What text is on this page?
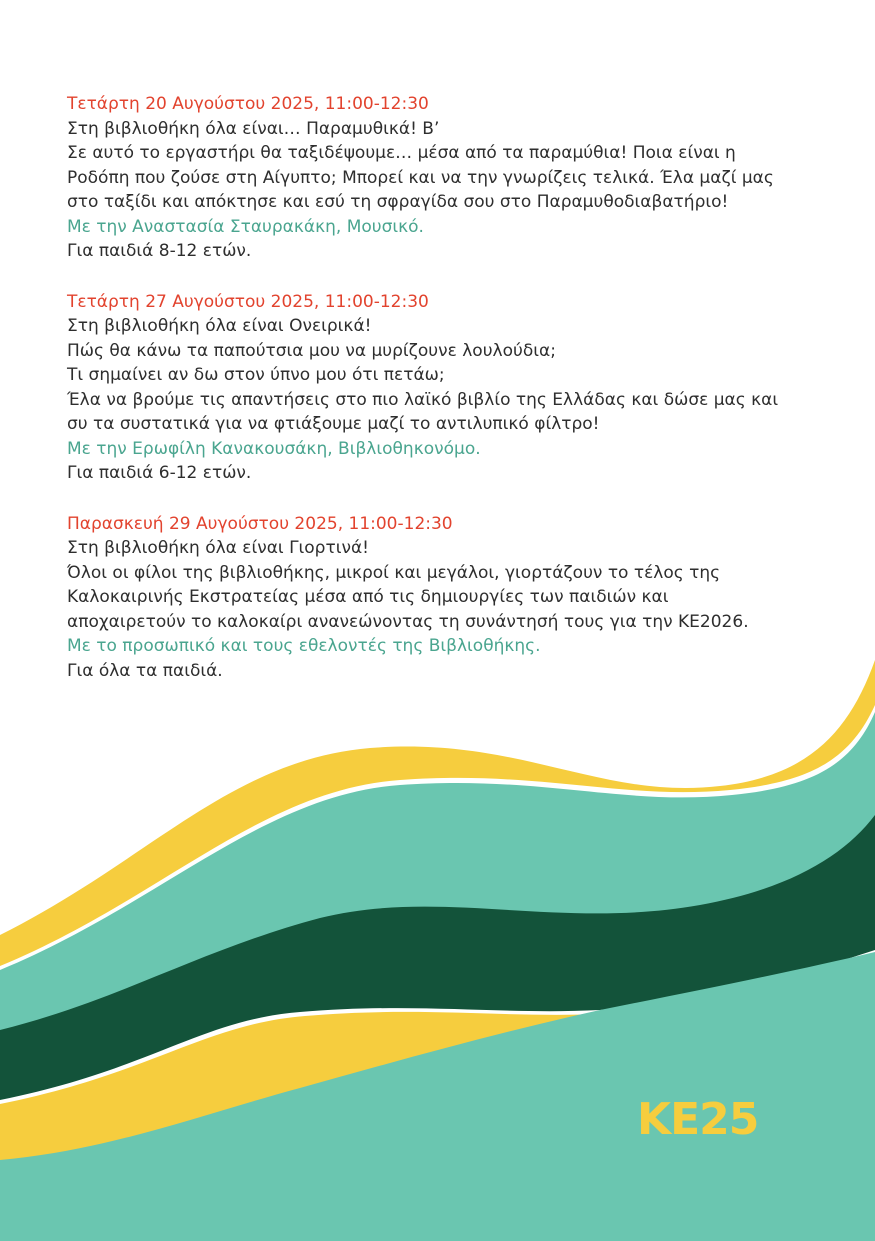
Τετάρτη 20 Αυγούστου 2025, 11:00-12:30

Στη βιβλιοθήκη όλα είναι… Παραμυθικά! Β’

Σε αυτό το εργαστήρι θα ταξιδέψουμε… μέσα από τα παραμύθια! Ποια είναι η

Ροδόπη που ζούσε στη Αίγυπτο; Μπορεί και να την γνωρίζεις τελικά. Έλα μαζί μας

στο ταξίδι και απόκτησε και εσύ τη σφραγίδα σου στο Παραμυθοδιαβατήριο!

Με την Αναστασία Σταυρακάκη, Μουσικό.

Για παιδιά 8-12 ετών.

Τετάρτη 27 Αυγούστου 2025, 11:00-12:30

Στη βιβλιοθήκη όλα είναι Ονειρικά!

Πώς θα κάνω τα παπούτσια μου να μυρίζουνε λουλούδια;

Τι σημαίνει αν δω στον ύπνο μου ότι πετάω;

Έλα να βρούμε τις απαντήσεις στο πιο λαϊκό βιβλίο της Ελλάδας και δώσε μας και

συ τα συστατικά για να φτιάξουμε μαζί το αντιλυπικό φίλτρο!

Με την Ερωφίλη Κανακουσάκη, Βιβλιοθηκονόμο.

Για παιδιά 6-12 ετών.

Παρασκευή 29 Αυγούστου 2025, 11:00-12:30

Στη βιβλιοθήκη όλα είναι Γιορτινά!

Όλοι οι φίλοι της βιβλιοθήκης, μικροί και μεγάλοι, γιορτάζουν το τέλος της

Καλοκαιρινής Εκστρατείας μέσα από τις δημιουργίες των παιδιών και

αποχαιρετούν το καλοκαίρι ανανεώνοντας τη συνάντησή τους για την ΚΕ2026.

Με το προσωπικό και τους εθελοντές της Βιβλιοθήκης.

Για όλα τα παιδιά.

ΚΕ25
